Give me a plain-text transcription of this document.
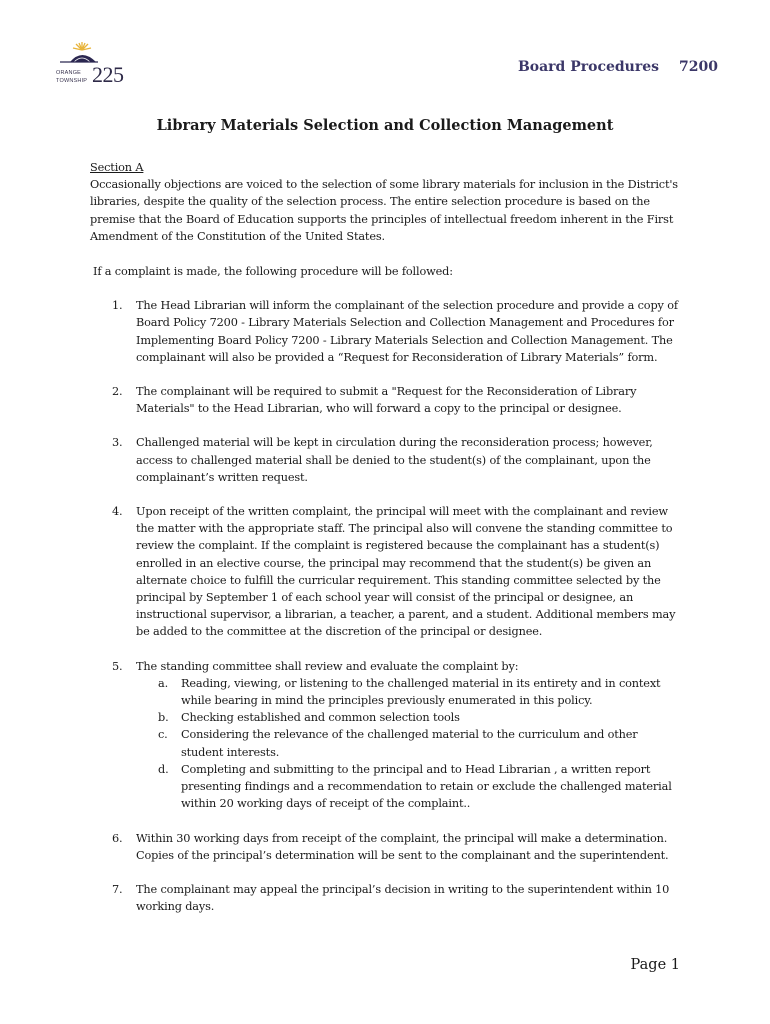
ORANGE
TOWNSHIP 225	Board Procedures 7200
Library Materials Selection and Collection Management
Section A

Occasionally objections are voiced to the selection of some library materials for inclusion in the District's libraries, despite the quality of the selection process. The entire selection procedure is based on the premise that the Board of Education supports the principles of intellectual freedom inherent in the First Amendment of the Constitution of the United States.

If a complaint is made, the following procedure will be followed:

1. The Head Librarian will inform the complainant of the selection procedure and provide a copy of Board Policy 7200 - Library Materials Selection and Collection Management and Procedures for Implementing Board Policy 7200 - Library Materials Selection and Collection Management. The complainant will also be provided a “Request for Reconsideration of Library Materials” form.
2. The complainant will be required to submit a "Request for the Reconsideration of Library Materials" to the Head Librarian, who will forward a copy to the principal or designee.
3. Challenged material will be kept in circulation during the reconsideration process; however, access to challenged material shall be denied to the student(s) of the complainant, upon the complainant’s written request.
4. Upon receipt of the written complaint, the principal will meet with the complainant and review the matter with the appropriate staff. The principal also will convene the standing committee to review the complaint. If the complaint is registered because the complainant has a student(s) enrolled in an elective course, the principal may recommend that the student(s) be given an alternate choice to fulfill the curricular requirement. This standing committee selected by the principal by September 1 of each school year will consist of the principal or designee, an instructional supervisor, a librarian, a teacher, a parent, and a student. Additional members may be added to the committee at the discretion of the principal or designee.
5. The standing committee shall review and evaluate the complaint by:
a. Reading, viewing, or listening to the challenged material in its entirety and in context while bearing in mind the principles previously enumerated in this policy.
b. Checking established and common selection tools
c. Considering the relevance of the challenged material to the curriculum and other student interests.
d. Completing and submitting to the principal and to Head Librarian , a written report presenting findings and a recommendation to retain or exclude the challenged material within 20 working days of receipt of the complaint..
6. Within 30 working days from receipt of the complaint, the principal will make a determination. Copies of the principal’s determination will be sent to the complainant and the superintendent.
7. The complainant may appeal the principal’s decision in writing to the superintendent within 10 working days.
Page 1
